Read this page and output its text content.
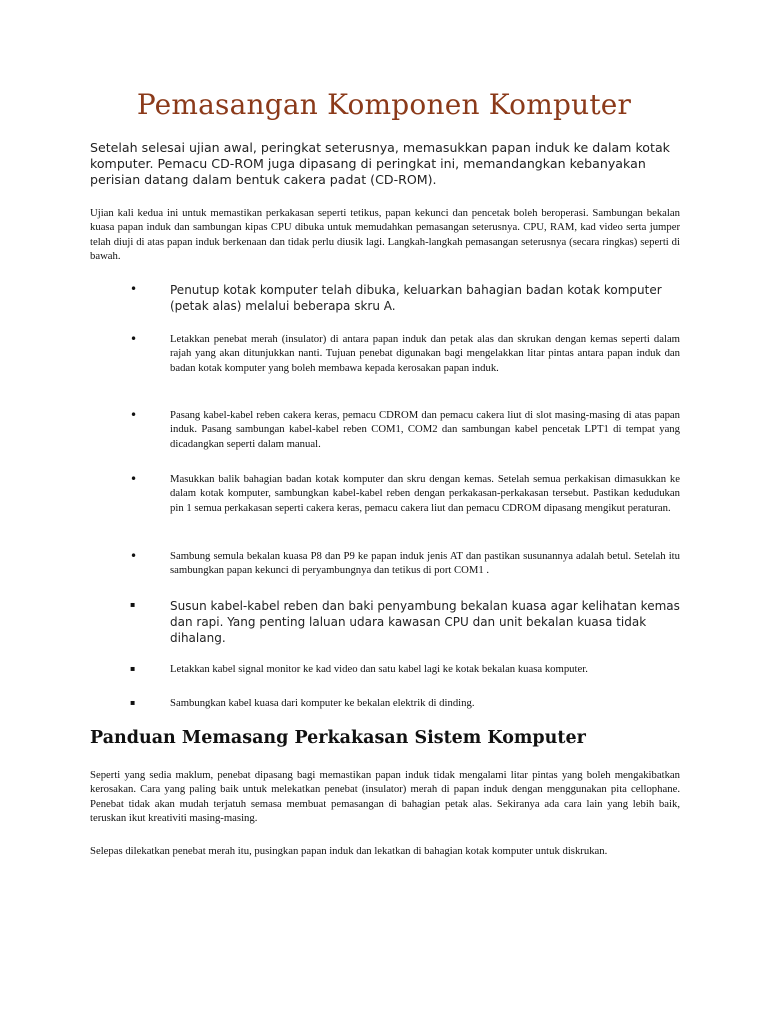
Pemasangan Komponen Komputer

Setelah selesai ujian awal, peringkat seterusnya, memasukkan papan induk ke dalam kotak komputer. Pemacu CD-ROM juga dipasang di peringkat ini, memandangkan kebanyakan perisian datang dalam bentuk cakera padat (CD-ROM).

Ujian kali kedua ini untuk memastikan perkakasan seperti tetikus, papan kekunci dan pencetak boleh beroperasi. Sambungan bekalan kuasa papan induk dan sambungan kipas CPU dibuka untuk memudahkan pemasangan seterusnya. CPU, RAM, kad video serta jumper telah diuji di atas papan induk berkenaan dan tidak perlu diusik lagi. Langkah-langkah pemasangan seterusnya (secara ringkas) seperti di bawah.

•	Penutup kotak komputer telah dibuka, keluarkan bahagian badan kotak komputer (petak alas) melalui beberapa skru A.

•	Letakkan penebat merah (insulator) di antara papan induk dan petak alas dan skrukan dengan kemas seperti dalam rajah yang akan ditunjukkan nanti. Tujuan penebat digunakan bagi mengelakkan litar pintas antara papan induk dan badan kotak komputer yang boleh membawa kepada kerosakan papan induk.

•	Pasang kabel-kabel reben cakera keras, pemacu CDROM dan pemacu cakera liut di slot masing-masing di atas papan induk. Pasang sambungan kabel-kabel reben COM1, COM2 dan sambungan kabel pencetak LPT1 di tempat yang dicadangkan seperti dalam manual.

•	Masukkan balik bahagian badan kotak komputer dan skru dengan kemas. Setelah semua perkakisan dimasukkan ke dalam kotak komputer, sambungkan kabel-kabel reben dengan perkakasan-perkakasan tersebut. Pastikan kedudukan pin 1 semua perkakasan seperti cakera keras, pemacu cakera liut dan pemacu CDROM dipasang mengikut peraturan.

•	Sambung semula bekalan kuasa P8 dan P9 ke papan induk jenis AT dan pastikan susunannya adalah betul. Setelah itu sambungkan papan kekunci di peryambungnya dan tetikus di port COM1 .

▪	Susun kabel-kabel reben dan baki penyambung bekalan kuasa agar kelihatan kemas dan rapi. Yang penting laluan udara kawasan CPU dan unit bekalan kuasa tidak dihalang.

▪	Letakkan kabel signal monitor ke kad video dan satu kabel lagi ke kotak bekalan kuasa komputer.

▪	Sambungkan kabel kuasa dari komputer ke bekalan elektrik di dinding.

Panduan Memasang Perkakasan Sistem Komputer

Seperti yang sedia maklum, penebat dipasang bagi memastikan papan induk tidak mengalami litar pintas yang boleh mengakibatkan kerosakan. Cara yang paling baik untuk melekatkan penebat (insulator) merah di papan induk dengan menggunakan pita cellophane. Penebat tidak akan mudah terjatuh semasa membuat pemasangan di bahagian petak alas. Sekiranya ada cara lain yang lebih baik, teruskan ikut kreativiti masing-masing.

Selepas dilekatkan penebat merah itu, pusingkan papan induk dan lekatkan di bahagian kotak komputer untuk diskrukan.
